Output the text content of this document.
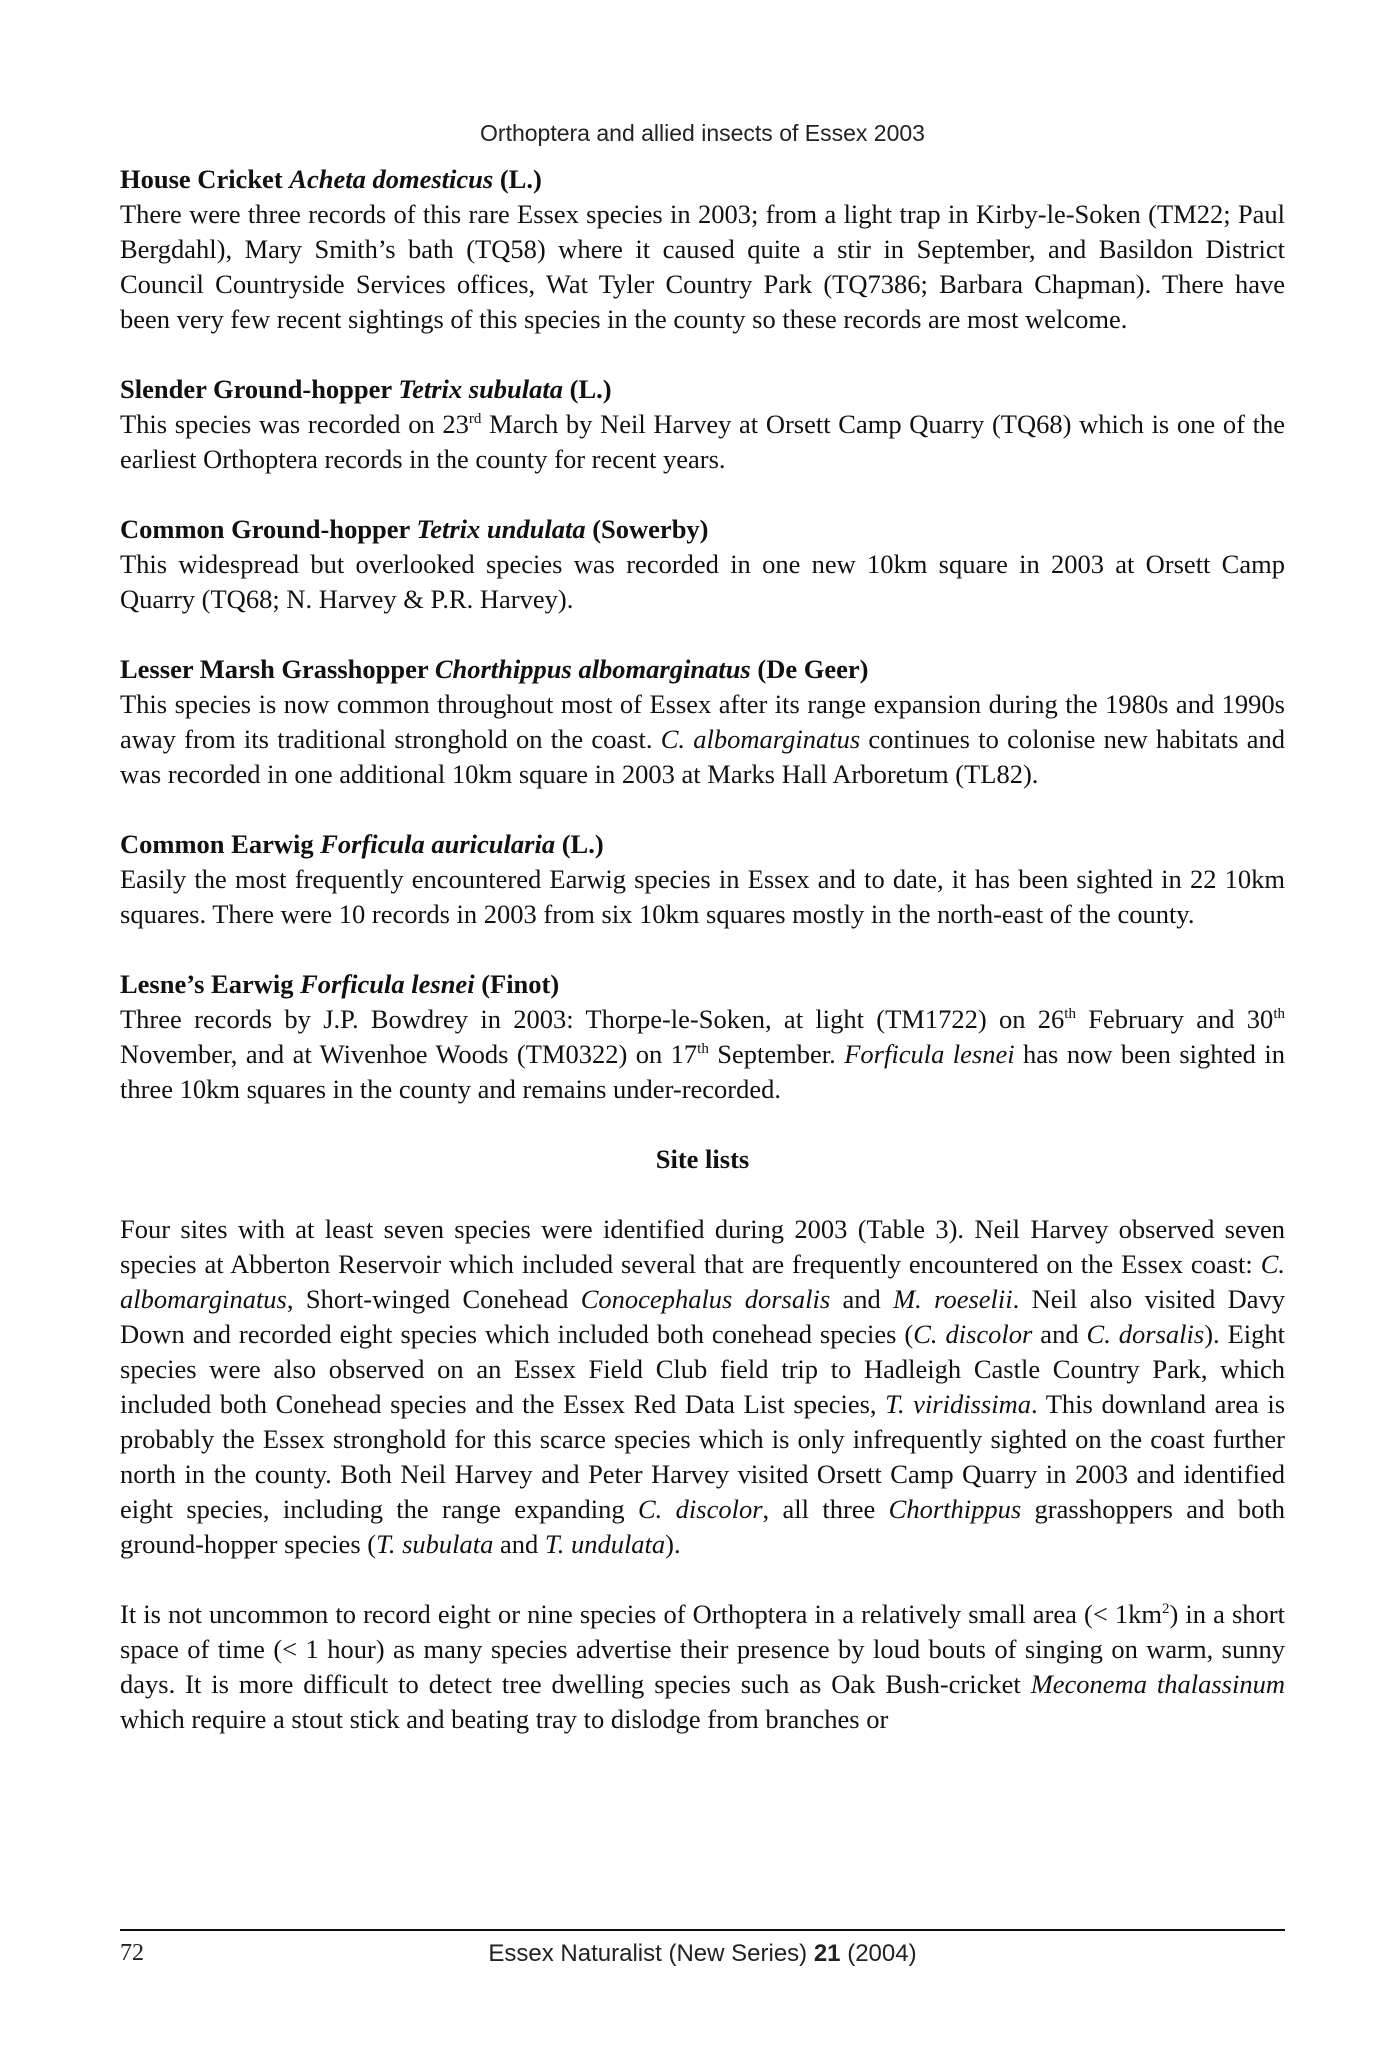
Orthoptera and allied insects of Essex 2003
House Cricket Acheta domesticus (L.)

There were three records of this rare Essex species in 2003; from a light trap in Kirby-le-Soken (TM22; Paul Bergdahl), Mary Smith’s bath (TQ58) where it caused quite a stir in September, and Basildon District Council Countryside Services offices, Wat Tyler Country Park (TQ7386; Barbara Chapman). There have been very few recent sightings of this species in the county so these records are most welcome.

Slender Ground-hopper Tetrix subulata (L.)

This species was recorded on 23rd March by Neil Harvey at Orsett Camp Quarry (TQ68) which is one of the earliest Orthoptera records in the county for recent years.

Common Ground-hopper Tetrix undulata (Sowerby)

This widespread but overlooked species was recorded in one new 10km square in 2003 at Orsett Camp Quarry (TQ68; N. Harvey & P.R. Harvey).

Lesser Marsh Grasshopper Chorthippus albomarginatus (De Geer)

This species is now common throughout most of Essex after its range expansion during the 1980s and 1990s away from its traditional stronghold on the coast. C. albomarginatus continues to colonise new habitats and was recorded in one additional 10km square in 2003 at Marks Hall Arboretum (TL82).

Common Earwig Forficula auricularia (L.)

Easily the most frequently encountered Earwig species in Essex and to date, it has been sighted in 22 10km squares. There were 10 records in 2003 from six 10km squares mostly in the north-east of the county.

Lesne’s Earwig Forficula lesnei (Finot)

Three records by J.P. Bowdrey in 2003: Thorpe-le-Soken, at light (TM1722) on 26th February and 30th November, and at Wivenhoe Woods (TM0322) on 17th September. Forficula lesnei has now been sighted in three 10km squares in the county and remains under-recorded.

Site lists

Four sites with at least seven species were identified during 2003 (Table 3). Neil Harvey observed seven species at Abberton Reservoir which included several that are frequently encountered on the Essex coast: C. albomarginatus, Short-winged Conehead Conocephalus dorsalis and M. roeselii. Neil also visited Davy Down and recorded eight species which included both conehead species (C. discolor and C. dorsalis). Eight species were also observed on an Essex Field Club field trip to Hadleigh Castle Country Park, which included both Conehead species and the Essex Red Data List species, T. viridissima. This downland area is probably the Essex stronghold for this scarce species which is only infrequently sighted on the coast further north in the county. Both Neil Harvey and Peter Harvey visited Orsett Camp Quarry in 2003 and identified eight species, including the range expanding C. discolor, all three Chorthippus grasshoppers and both ground-hopper species (T. subulata and T. undulata).

It is not uncommon to record eight or nine species of Orthoptera in a relatively small area (< $1km^2$) in a short space of time (< 1 hour) as many species advertise their presence by loud bouts of singing on warm, sunny days. It is more difficult to detect tree dwelling species such as Oak Bush-cricket Meconema thalassinum which require a stout stick and beating tray to dislodge from branches or

72	Essex Naturalist (New Series) 21 (2004)
